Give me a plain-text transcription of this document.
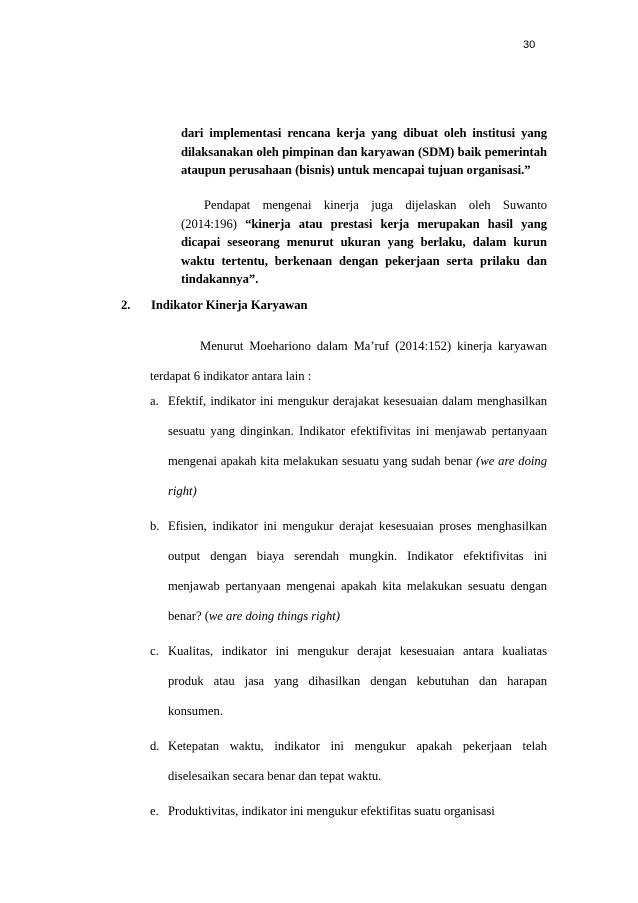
30
dari implementasi rencana kerja yang dibuat oleh institusi yang dilaksanakan oleh pimpinan dan karyawan (SDM) baik pemerintah ataupun perusahaan (bisnis) untuk mencapai tujuan organisasi.”
Pendapat mengenai kinerja juga dijelaskan oleh Suwanto (2014:196) “kinerja atau prestasi kerja merupakan hasil yang dicapai seseorang menurut ukuran yang berlaku, dalam kurun waktu tertentu, berkenaan dengan pekerjaan serta prilaku dan tindakannya”.
2. Indikator Kinerja Karyawan
Menurut Moehariono dalam Ma’ruf (2014:152) kinerja karyawan terdapat 6 indikator antara lain :
a. Efektif, indikator ini mengukur derajakat kesesuaian dalam menghasilkan sesuatu yang dinginkan. Indikator efektifivitas ini menjawab pertanyaan mengenai apakah kita melakukan sesuatu yang sudah benar (we are doing right)
b. Efisien, indikator ini mengukur derajat kesesuaian proses menghasilkan output dengan biaya serendah mungkin. Indikator efektifivitas ini menjawab pertanyaan mengenai apakah kita melakukan sesuatu dengan benar? (we are doing things right)
c. Kualitas, indikator ini mengukur derajat kesesuaian antara kualiatas produk atau jasa yang dihasilkan dengan kebutuhan dan harapan konsumen.
d. Ketepatan waktu, indikator ini mengukur apakah pekerjaan telah diselesaikan secara benar dan tepat waktu.
e. Produktivitas, indikator ini mengukur efektifitas suatu organisasi
